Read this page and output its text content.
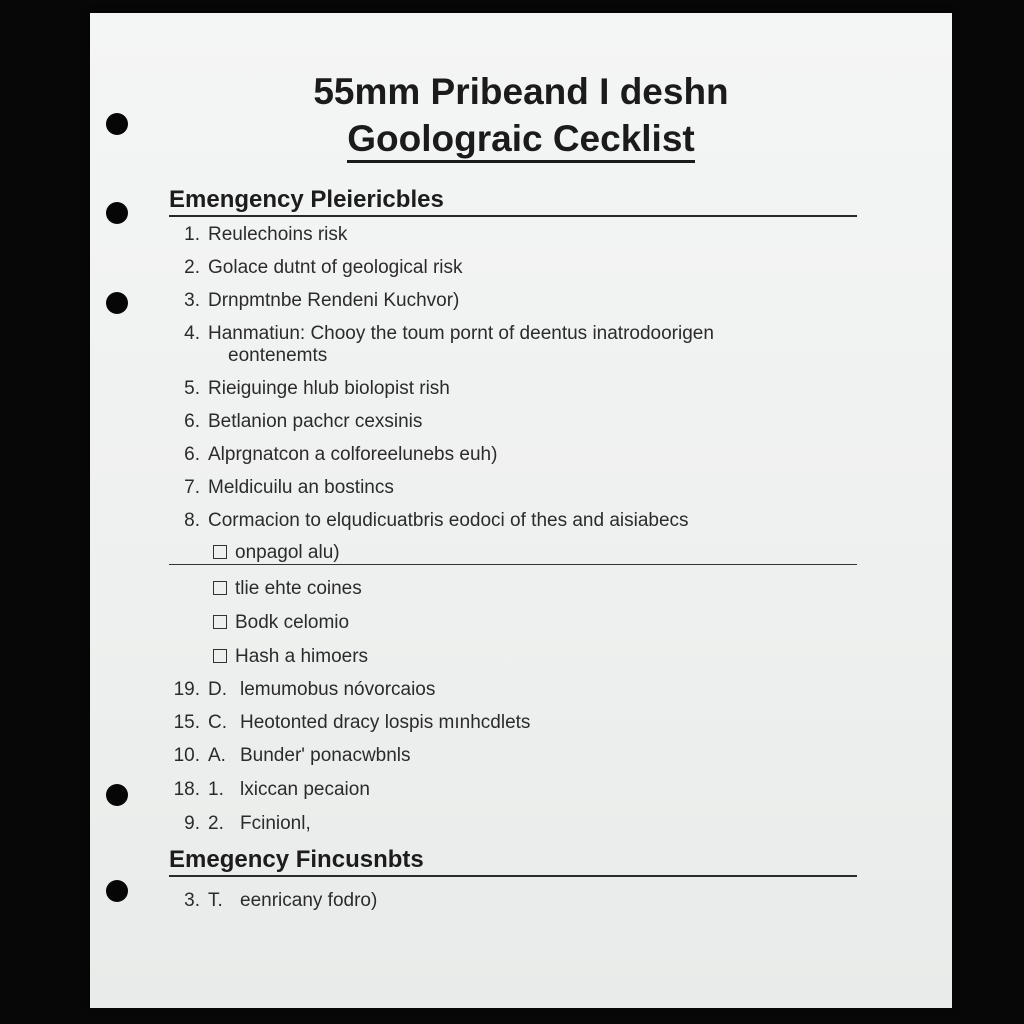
55mm Pribeand I deshn
Goolograic Cecklist
Emengency Pleiericbles
1. Reulechoins risk
2. Golace dutnt of geological risk
3. Drnpmtnbe Rendeni Kuchvor)
4. Hanmatiun: Chooy the toum pornt of deentus inatrodoorigen
eontenemts
5. Rieiguinge hlub biolopist rish
6. Betlanion pachcr cexsinis
6. Alprgnatcon a colforeelunebs euh)
7. Meldicuilu an bostincs
8. Cormacion to elqudicuatbris eodoci of thes and aisiabecs
onpagol alu)
tlie ehte coines
Bodk celomio
Hash a himoers
19. D. lemumobus nóvorcaios
15. C. Heotonted dracy lospis mınhcdlets
10. A. Bunder' ponacwbnls
18. 1. lxiccan pecaion
9. 2. Fcinionl,
Emegency Fincusnbts
3. T. eenricany fodro)
